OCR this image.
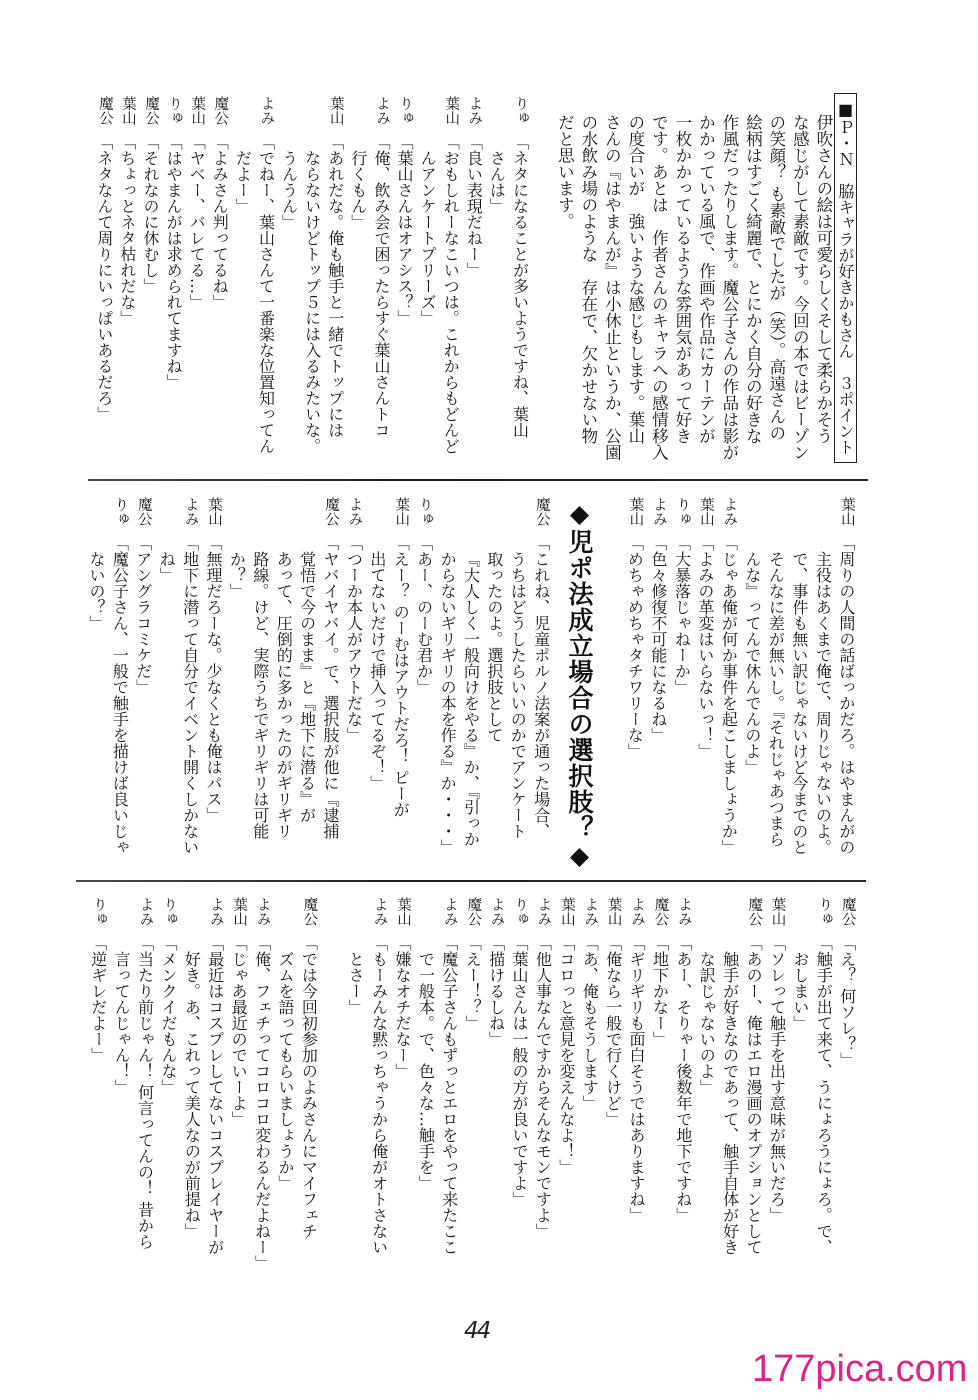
■Ｐ・Ｎ　脇キャラが好きかもさん　３ポイント
伊吹さんの絵は可愛らしくそして柔らかそう
な感じがして素敵です。今回の本ではビーゾン
の笑顔？ も素敵でしたが（笑）。高遠さんの
絵柄はすごく綺麗で、とにかく自分の好きな
作風だったりします。魔公子さんの作品は影が
かかっている風で、作画や作品にカーテンが
一枚かかっているような雰囲気があって好き
です。あとは　作者さんのキャラへの感情移入
の度合いが　強いような感じもします。葉山
さんの『はやまんが』は小休止というか、公園
の水飲み場のような　存在で、欠かせない物
だと思います。
りゅ
「ネタになることが多いようですね、葉山
さんは」
よみ
「良い表現だねー」
葉山
「おもしれーなこいつは。これからもどんど
んアンケートプリーズ」
りゅ
「葉山さんはオアシス？」
よみ
「俺、飲み会で困ったらすぐ葉山さんトコ
行くもん」
葉山
「あれだな。俺も触手と一緒でトップには
ならないけどトップ５には入るみたいな。
うんうん」
よみ
「でねー、葉山さんて一番楽な位置知ってん
だよー」
魔公
「よみさん判ってるね」
葉山
「ヤベー、バレてる…」
りゅ
「はやまんがは求められてますね」
魔公
「それなのに休むし」
葉山
「ちょっとネタ枯れだな」
魔公
「ネタなんて周りにいっぱいあるだろ」
葉山
「周りの人間の話ばっかだろ。はやまんがの
主役はあくまで俺で、周りじゃないのよ。
で、事件も無い訳じゃないけど今までのと
そんなに差が無いし。『それじゃあつまら
んな』ってんで休んでんのよ」
よみ
「じゃあ俺が何か事件を起こしましょうか」
葉山
「よみの革変はいらないっ！」
りゅ
「大暴落じゃねーか」
よみ
「色々修復不可能になるね」
葉山
「めちゃめちゃタチワリーな」
◆児ポ法成立場合の選択肢？◆
魔公
「これね、児童ポルノ法案が通った場合、
うちはどうしたらいいのかでアンケート
取ったのよ。選択肢として
『大人しく一般向けをやる』か、『引っか
からないギリギリの本を作る』か・・・」
りゅ
「あー、のーむ君か」
葉山
「えー？ のーむはアウトだろ！ ピーが
出てないだけで挿入ってるぞ！」
よみ
「つーか本人がアウトだな」
魔公
「ヤバイヤバイ。で、選択肢が他に『逮捕
覚悟で今のまま』と『地下に潜る』が
あって、圧倒的に多かったのがギリギリ
路線。けど、実際うちでギリギリは可能
か？」
葉山
「無理だろーな。少なくとも俺はパス」
よみ
「地下に潜って自分でイベント開くしかない
ね」
魔公
「アングラコミケだ」
りゅ
「魔公子さん、一般で触手を描けば良いじゃ
ないの？」
魔公
「え？ 何ソレ？」
りゅ
「触手が出て来て、うにょろうにょろ。で、
おしまい」
葉山
「ソレって触手を出す意味が無いだろ」
魔公
「あのー、俺はエロ漫画のオプションとして
触手が好きなのであって、触手自体が好き
な訳じゃないのよ」
よみ
「あー、そりゃー後数年で地下ですね」
魔公
「地下かなー」
よみ
「ギリギリも面白そうではありますね」
葉山
「俺なら一般で行くけど」
よみ
「あ、俺もそうします」
葉山
「コロっと意見を変えんなよ！」
よみ
「他人事なんですからそんなモンですよ」
りゅ
「葉山さんは一般の方が良いですよ」
よみ
「描けるしね」
魔公
「えー！？」
よみ
「魔公子さんもずっとエロをやって来たここ
で一般本。で、色々な…触手を」
葉山
「嫌なオチだなー」
よみ
「もーみんな黙っちゃうから俺がオトさない
とさー」
魔公
「では今回初参加のよみさんにマイフェチ
ズムを語ってもらいましょうか」
よみ
「俺、フェチってコロコロ変わるんだよねー」
葉山
「じゃあ最近のでいーよ」
よみ
「最近はコスプレしてないコスプレイヤーが
好き。あ、これって美人なのが前提ね」
りゅ
「メンクイだもんな」
よみ
「当たり前じゃん！ 何言ってんの！ 昔から
言ってんじゃん！」
りゅ
「逆ギレだよー」
44
177pica.com
